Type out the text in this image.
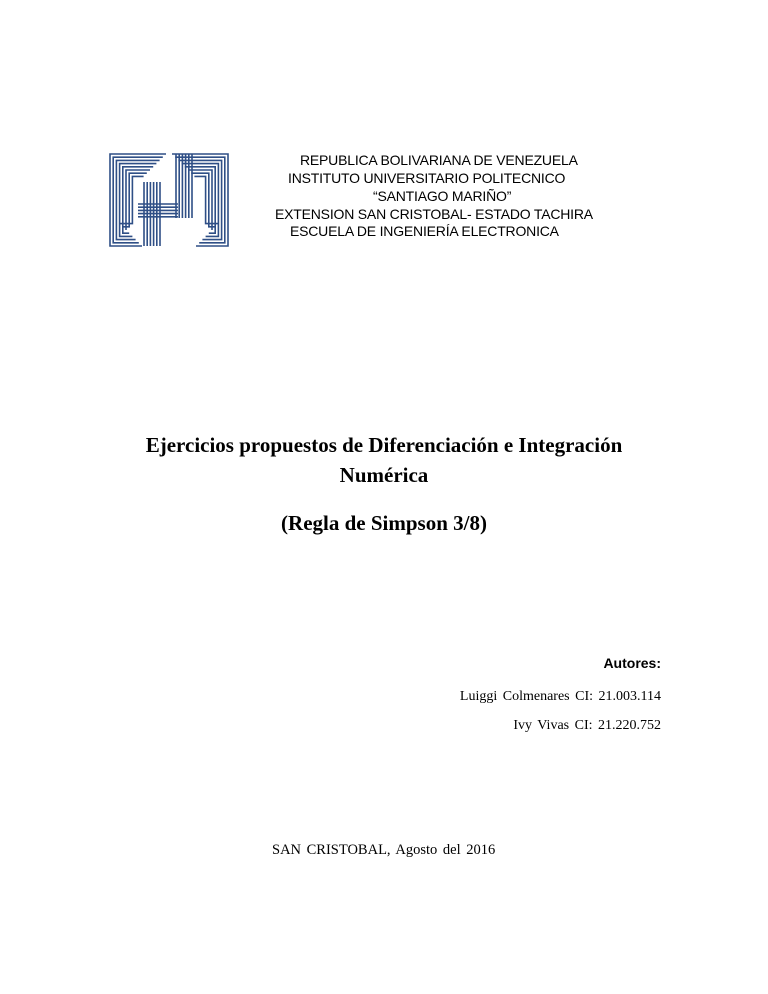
REPUBLICA BOLIVARIANA DE VENEZUELA
INSTITUTO UNIVERSITARIO POLITECNICO
“SANTIAGO MARIÑO”
EXTENSION SAN CRISTOBAL- ESTADO TACHIRA
ESCUELA DE INGENIERÍA ELECTRONICA
Ejercicios propuestos de Diferenciación e Integración
Numérica
(Regla de Simpson 3/8)
Autores:
Luiggi Colmenares CI: 21.003.114
Ivy Vivas CI: 21.220.752
SAN CRISTOBAL, Agosto del 2016
